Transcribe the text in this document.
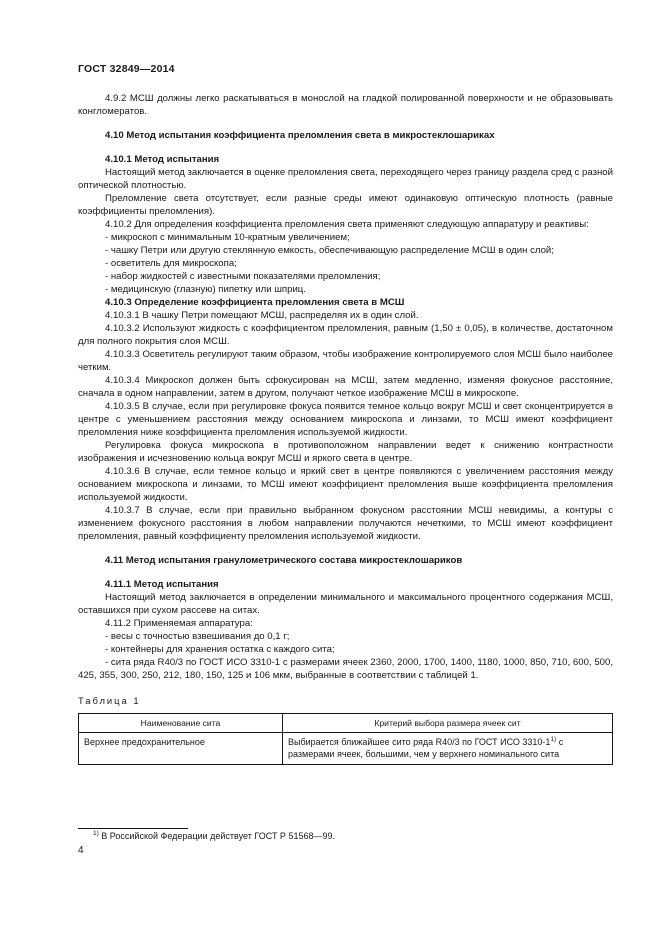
ГОСТ 32849—2014

4.9.2 МСШ должны легко раскатываться в монослой на гладкой полированной поверхности и не образовывать конгломератов.

4.10 Метод испытания коэффициента преломления света в микростеклошариках

4.10.1 Метод испытания

Настоящий метод заключается в оценке преломления света, переходящего через границу раздела сред с разной оптической плотностью.

Преломление света отсутствует, если разные среды имеют одинаковую оптическую плотность (равные коэффициенты преломления).

4.10.2 Для определения коэффициента преломления света применяют следующую аппаратуру и реактивы:

- микроскоп с минимальным 10-кратным увеличением;

- чашку Петри или другую стеклянную емкость, обеспечивающую распределение МСШ в один слой;

- осветитель для микроскопа;

- набор жидкостей с известными показателями преломления;

- медицинскую (глазную) пипетку или шприц.

4.10.3 Определение коэффициента преломления света в МСШ

4.10.3.1 В чашку Петри помещают МСШ, распределяя их в один слой.

4.10.3.2 Используют жидкость с коэффициентом преломления, равным (1,50 ± 0,05), в количестве, достаточном для полного покрытия слоя МСШ.

4.10.3.3 Осветитель регулируют таким образом, чтобы изображение контролируемого слоя МСШ было наиболее четким.

4.10.3.4 Микроскоп должен быть сфокусирован на МСШ, затем медленно, изменяя фокусное расстояние, сначала в одном направлении, затем в другом, получают четкое изображение МСШ в микроскопе.

4.10.3.5 В случае, если при регулировке фокуса появится темное кольцо вокруг МСШ и свет сконцентрируется в центре с уменьшением расстояния между основанием микроскопа и линзами, то МСШ имеют коэффициент преломления ниже коэффициента преломления используемой жидкости.

Регулировка фокуса микроскопа в противоположном направлении ведет к снижению контрастности изображения и исчезновению кольца вокруг МСШ и яркого света в центре.

4.10.3.6 В случае, если темное кольцо и яркий свет в центре появляются с увеличением расстояния между основанием микроскопа и линзами, то МСШ имеют коэффициент преломления выше коэффициента преломления используемой жидкости.

4.10.3.7 В случае, если при правильно выбранном фокусном расстоянии МСШ невидимы, а контуры с изменением фокусного расстояния в любом направлении получаются нечеткими, то МСШ имеют коэффициент преломления, равный коэффициенту преломления используемой жидкости.

4.11 Метод испытания гранулометрического состава микростеклошариков

4.11.1 Метод испытания

Настоящий метод заключается в определении минимального и максимального процентного содержания МСШ, оставшихся при сухом рассеве на ситах.

4.11.2 Применяемая аппаратура:

- весы с точностью взвешивания до 0,1 г;

- контейнеры для хранения остатка с каждого сита;

- сита ряда R40/3 по ГОСТ ИСО 3310-1 с размерами ячеек 2360, 2000, 1700, 1400, 1180, 1000, 850, 710, 600, 500, 425, 355, 300, 250, 212, 180, 150, 125 и 106 мкм, выбранные в соответствии с таблицей 1.

Таблица 1

Наименование сита	Критерий выбора размера ячеек сит
Верхнее предохранительное	Выбирается ближайшее сито ряда R40/3 по ГОСТ ИСО 3310-1$^{1)}$ с размерами ячеек, большими, чем у верхнего номинального сита
$^{1)}$ В Российской Федерации действует ГОСТ Р 51568—99.
4
